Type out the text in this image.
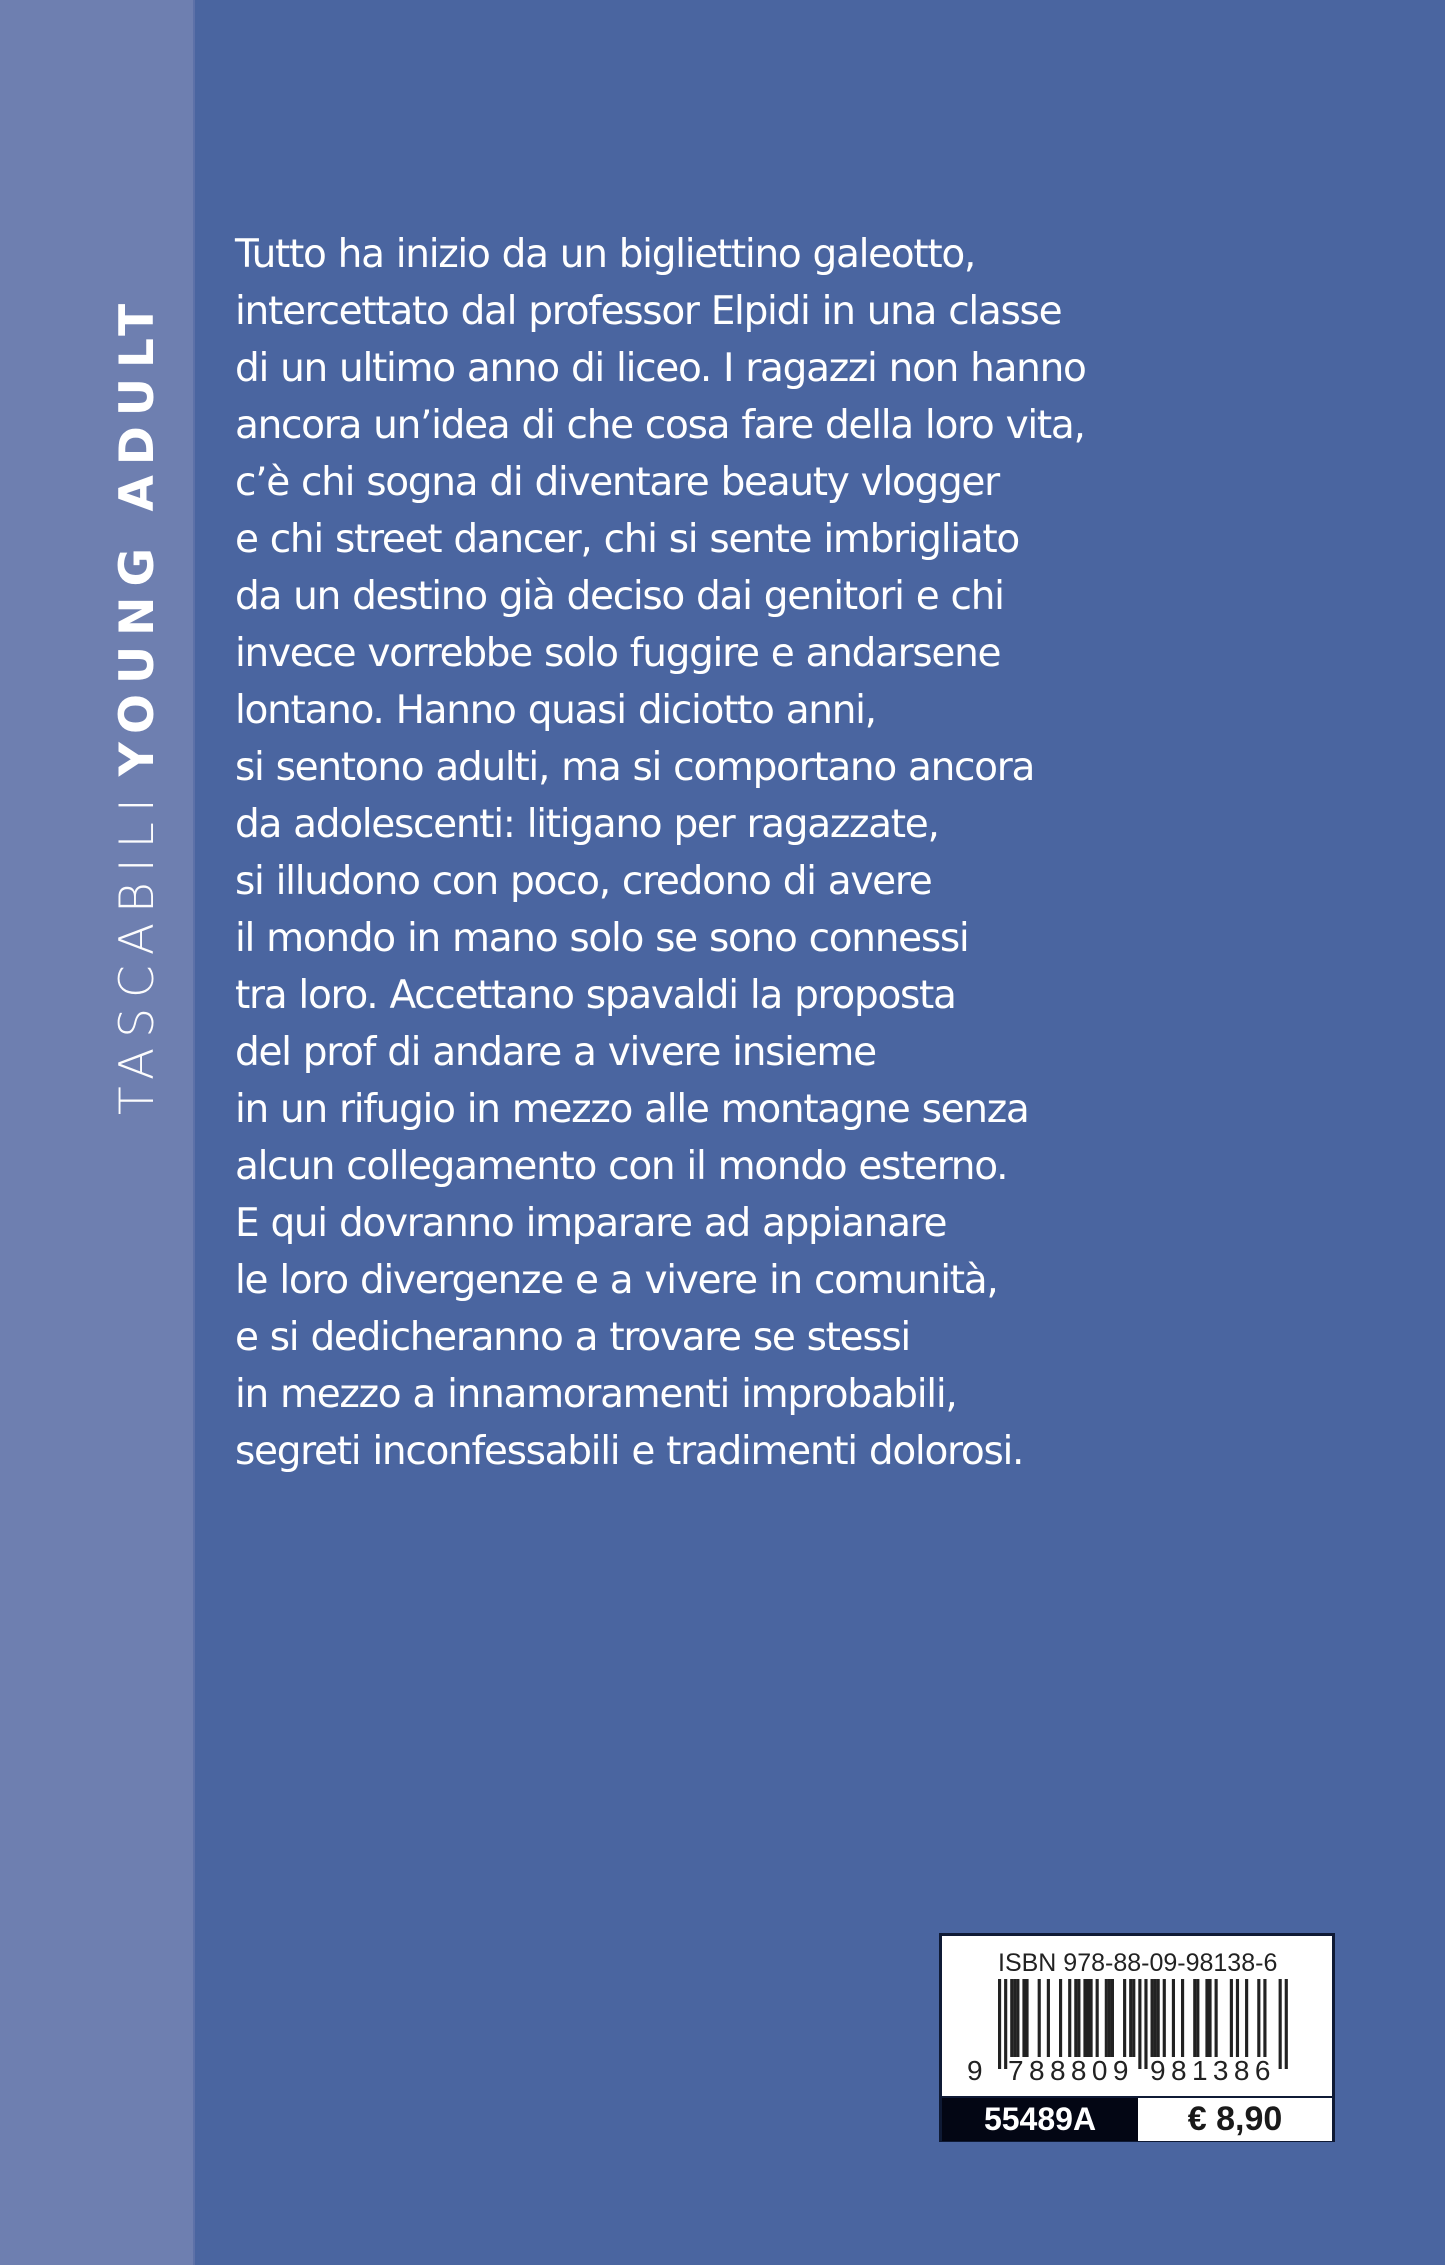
TASCABILIYOUNG ADULT
Tutto ha inizio da un bigliettino galeotto,
intercettato dal professor Elpidi in una classe
di un ultimo anno di liceo. I ragazzi non hanno
ancora un’idea di che cosa fare della loro vita,
c’è chi sogna di diventare beauty vlogger
e chi street dancer, chi si sente imbrigliato
da un destino già deciso dai genitori e chi
invece vorrebbe solo fuggire e andarsene
lontano. Hanno quasi diciotto anni,
si sentono adulti, ma si comportano ancora
da adolescenti: litigano per ragazzate,
si illudono con poco, credono di avere
il mondo in mano solo se sono connessi
tra loro. Accettano spavaldi la proposta
del prof di andare a vivere insieme
in un rifugio in mezzo alle montagne senza
alcun collegamento con il mondo esterno.
E qui dovranno imparare ad appianare
le loro divergenze e a vivere in comunità,
e si dedicheranno a trovare se stessi
in mezzo a innamoramenti improbabili,
segreti inconfessabili e tradimenti dolorosi.
ISBN 978-88-09-98138-6
9 788809 981386
55489A	€ 8,90
